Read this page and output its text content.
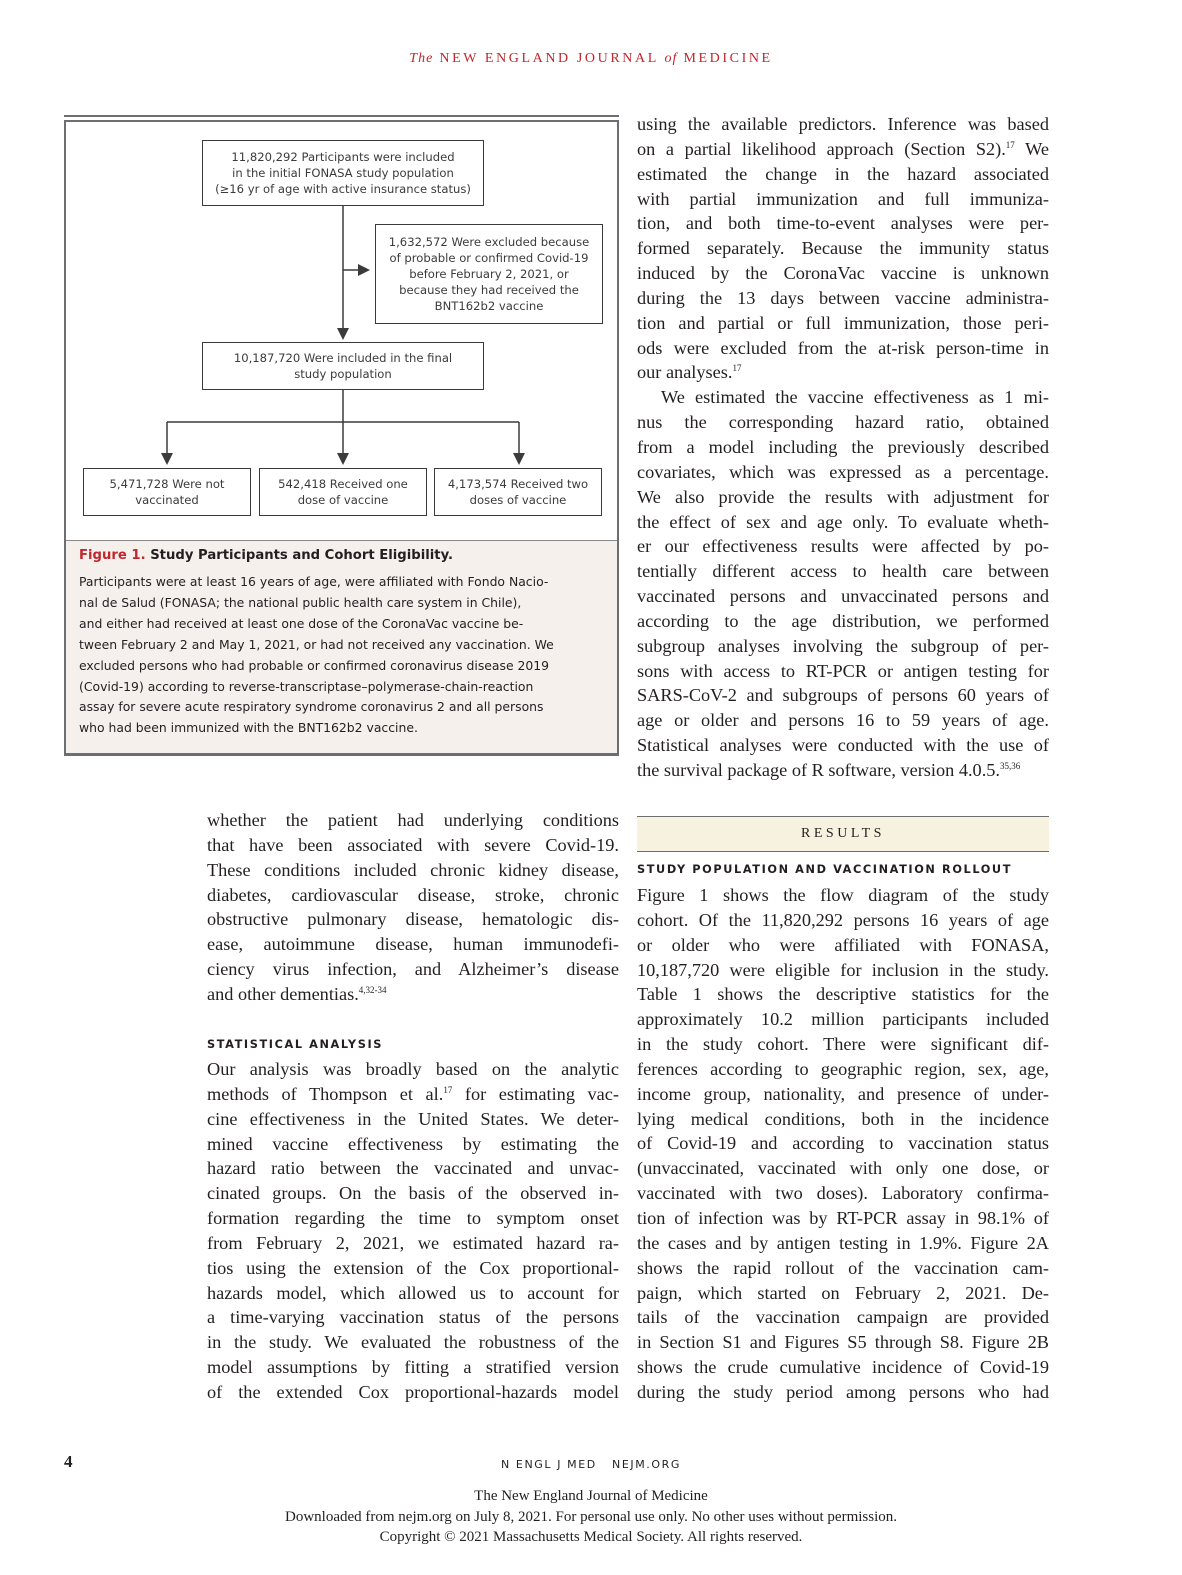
The NEW ENGLAND JOURNAL of MEDICINE
11,820,292 Participants were included
in the initial FONASA study population
(≥16 yr of age with active insurance status)
1,632,572 Were excluded because
of probable or confirmed Covid-19
before February 2, 2021, or
because they had received the
BNT162b2 vaccine
10,187,720 Were included in the final
study population
5,471,728 Were not
vaccinated
542,418 Received one
dose of vaccine
4,173,574 Received two
doses of vaccine
Figure 1. Study Participants and Cohort Eligibility.
Participants were at least 16 years of age, were affiliated with Fondo Nacio-
nal de Salud (FONASA; the national public health care system in Chile),
and either had received at least one dose of the CoronaVac vaccine be-
tween February 2 and May 1, 2021, or had not received any vaccination. We
excluded persons who had probable or confirmed coronavirus disease 2019
(Covid-19) according to reverse-transcriptase–polymerase-chain-reaction
assay for severe acute respiratory syndrome coronavirus 2 and all persons
who had been immunized with the BNT162b2 vaccine.
using the available predictors. Inference was based
on a partial likelihood approach (Section S2).$^{17}$ We
estimated the change in the hazard associated
with partial immunization and full immuniza-
tion, and both time-to-event analyses were per-
formed separately. Because the immunity status
induced by the CoronaVac vaccine is unknown
during the 13 days between vaccine administra-
tion and partial or full immunization, those peri-
ods were excluded from the at-risk person-time in
our analyses.$^{17}$
We estimated the vaccine effectiveness as 1 mi-
nus the corresponding hazard ratio, obtained
from a model including the previously described
covariates, which was expressed as a percentage.
We also provide the results with adjustment for
the effect of sex and age only. To evaluate wheth-
er our effectiveness results were affected by po-
tentially different access to health care between
vaccinated persons and unvaccinated persons and
according to the age distribution, we performed
subgroup analyses involving the subgroup of per-
sons with access to RT-PCR or antigen testing for
SARS-CoV-2 and subgroups of persons 60 years of
age or older and persons 16 to 59 years of age.
Statistical analyses were conducted with the use of
the survival package of R software, version 4.0.5.$^{35,36}$
whether the patient had underlying conditions
that have been associated with severe Covid-19.
These conditions included chronic kidney disease,
diabetes, cardiovascular disease, stroke, chronic
obstructive pulmonary disease, hematologic dis-
ease, autoimmune disease, human immunodefi-
ciency virus infection, and Alzheimer’s disease
and other dementias.$^{4,32-34}$
STATISTICAL ANALYSIS
Our analysis was broadly based on the analytic
methods of Thompson et al.$^{17}$ for estimating vac-
cine effectiveness in the United States. We deter-
mined vaccine effectiveness by estimating the
hazard ratio between the vaccinated and unvac-
cinated groups. On the basis of the observed in-
formation regarding the time to symptom onset
from February 2, 2021, we estimated hazard ra-
tios using the extension of the Cox proportional-
hazards model, which allowed us to account for
a time-varying vaccination status of the persons
in the study. We evaluated the robustness of the
model assumptions by fitting a stratified version
of the extended Cox proportional-hazards model
RESULTS
STUDY POPULATION AND VACCINATION ROLLOUT
Figure 1 shows the flow diagram of the study
cohort. Of the 11,820,292 persons 16 years of age
or older who were affiliated with FONASA,
10,187,720 were eligible for inclusion in the study.
Table 1 shows the descriptive statistics for the
approximately 10.2 million participants included
in the study cohort. There were significant dif-
ferences according to geographic region, sex, age,
income group, nationality, and presence of under-
lying medical conditions, both in the incidence
of Covid-19 and according to vaccination status
(unvaccinated, vaccinated with only one dose, or
vaccinated with two doses). Laboratory confirma-
tion of infection was by RT-PCR assay in 98.1% of
the cases and by antigen testing in 1.9%. Figure 2A
shows the rapid rollout of the vaccination cam-
paign, which started on February 2, 2021. De-
tails of the vaccination campaign are provided
in Section S1 and Figures S5 through S8. Figure 2B
shows the crude cumulative incidence of Covid-19
during the study period among persons who had
4	N ENGL J MED NEJM.ORG
The New England Journal of Medicine
Downloaded from nejm.org on July 8, 2021. For personal use only. No other uses without permission.
Copyright © 2021 Massachusetts Medical Society. All rights reserved.
